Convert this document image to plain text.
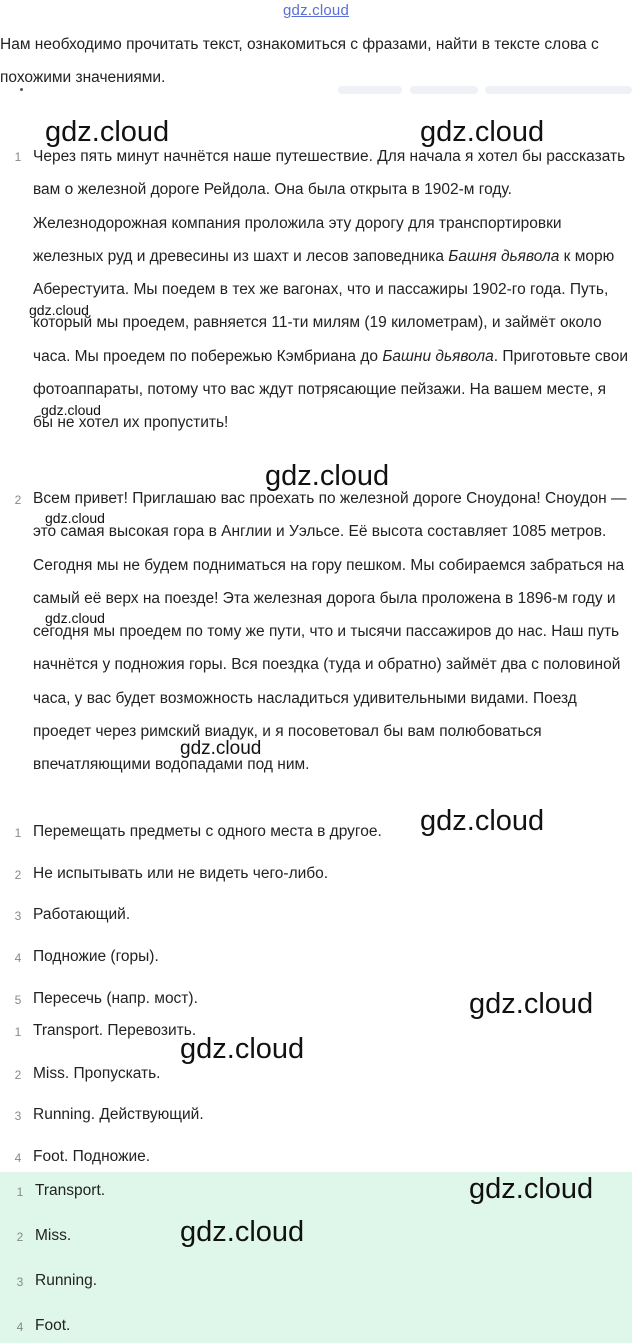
gdz.cloud
Нам необходимо прочитать текст, ознакомиться с фразами, найти в тексте слова с похожими значениями.
1 Через пять минут начнётся наше путешествие. Для начала я хотел бы рассказать вам о железной дороге Рейдола. Она была открыта в 1902-м году. Железнодорожная компания проложила эту дорогу для транспортировки железных руд и древесины из шахт и лесов заповедника Башня дьявола к морю Аберестуита. Мы поедем в тех же вагонах, что и пассажиры 1902-го года. Путь, который мы проедем, равняется 11-ти милям (19 километрам), и займёт около часа. Мы проедем по побережью Кэмбриана до Башни дьявола. Приготовьте свои фотоаппараты, потому что вас ждут потрясающие пейзажи. На вашем месте, я бы не хотел их пропустить!
2 Всем привет! Приглашаю вас проехать по железной дороге Сноудона! Сноудон — это самая высокая гора в Англии и Уэльсе. Её высота составляет 1085 метров. Сегодня мы не будем подниматься на гору пешком. Мы собираемся забраться на самый её верх на поезде! Эта железная дорога была проложена в 1896-м году и сегодня мы проедем по тому же пути, что и тысячи пассажиров до нас. Наш путь начнётся у подножия горы. Вся поездка (туда и обратно) займёт два с половиной часа, у вас будет возможность насладиться удивительными видами. Поезд проедет через римский виадук, и я посоветовал бы вам полюбоваться впечатляющими водопадами под ним.
1 Перемещать предметы с одного места в другое.
2 Не испытывать или не видеть чего-либо.
3 Работающий.
4 Подножие (горы).
5 Пересечь (напр. мост).
1 Transport. Перевозить.
2 Miss. Пропускать.
3 Running. Действующий.
4 Foot. Подножие.
1 Transport.
2 Miss.
3 Running.
4 Foot.
gdz.cloud	gdz.cloud
gdz.cloud
gdz.cloud
gdz.cloud
gdz.cloud
gdz.cloud
gdz.cloud
gdz.cloud
gdz.cloud
gdz.cloud
gdz.cloud
gdz.cloud
